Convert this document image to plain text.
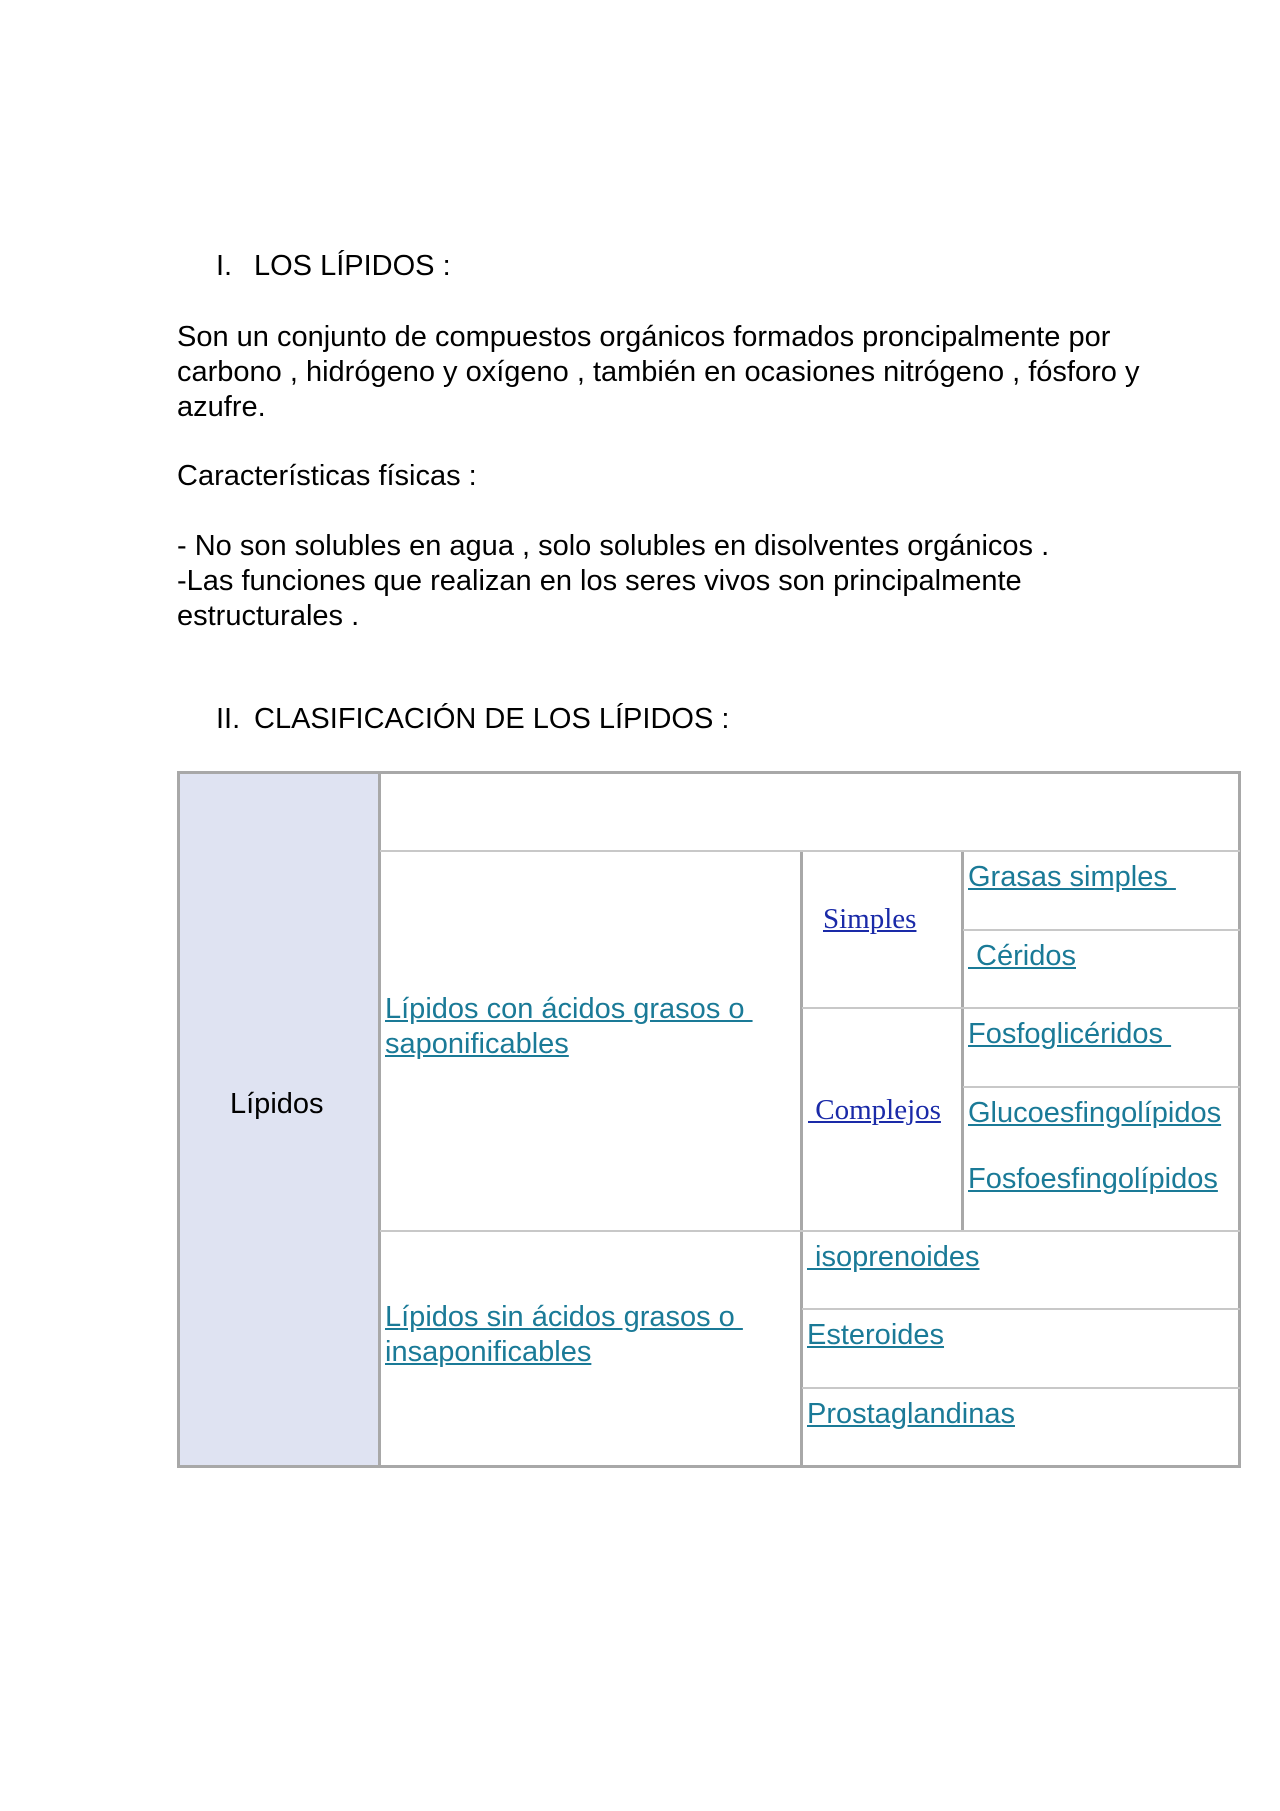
I. LOS LÍPIDOS :
Son un conjunto de compuestos orgánicos formados proncipalmente por
carbono , hidrógeno y oxígeno , también en ocasiones nitrógeno , fósforo y
azufre.
Características físicas :
- No son solubles en agua , solo solubles en disolventes orgánicos .
-Las funciones que realizan en los seres vivos son principalmente
estructurales .
II. CLASIFICACIÓN DE LOS LÍPIDOS :
Lípidos
Lípidos con ácidos grasos o
saponificables
Simples
Grasas simples
Céridos
Complejos
Fosfoglicéridos
Glucoesfingolípidos
Fosfoesfingolípidos
Lípidos sin ácidos grasos o
insaponificables
isoprenoides
Esteroides
Prostaglandinas
